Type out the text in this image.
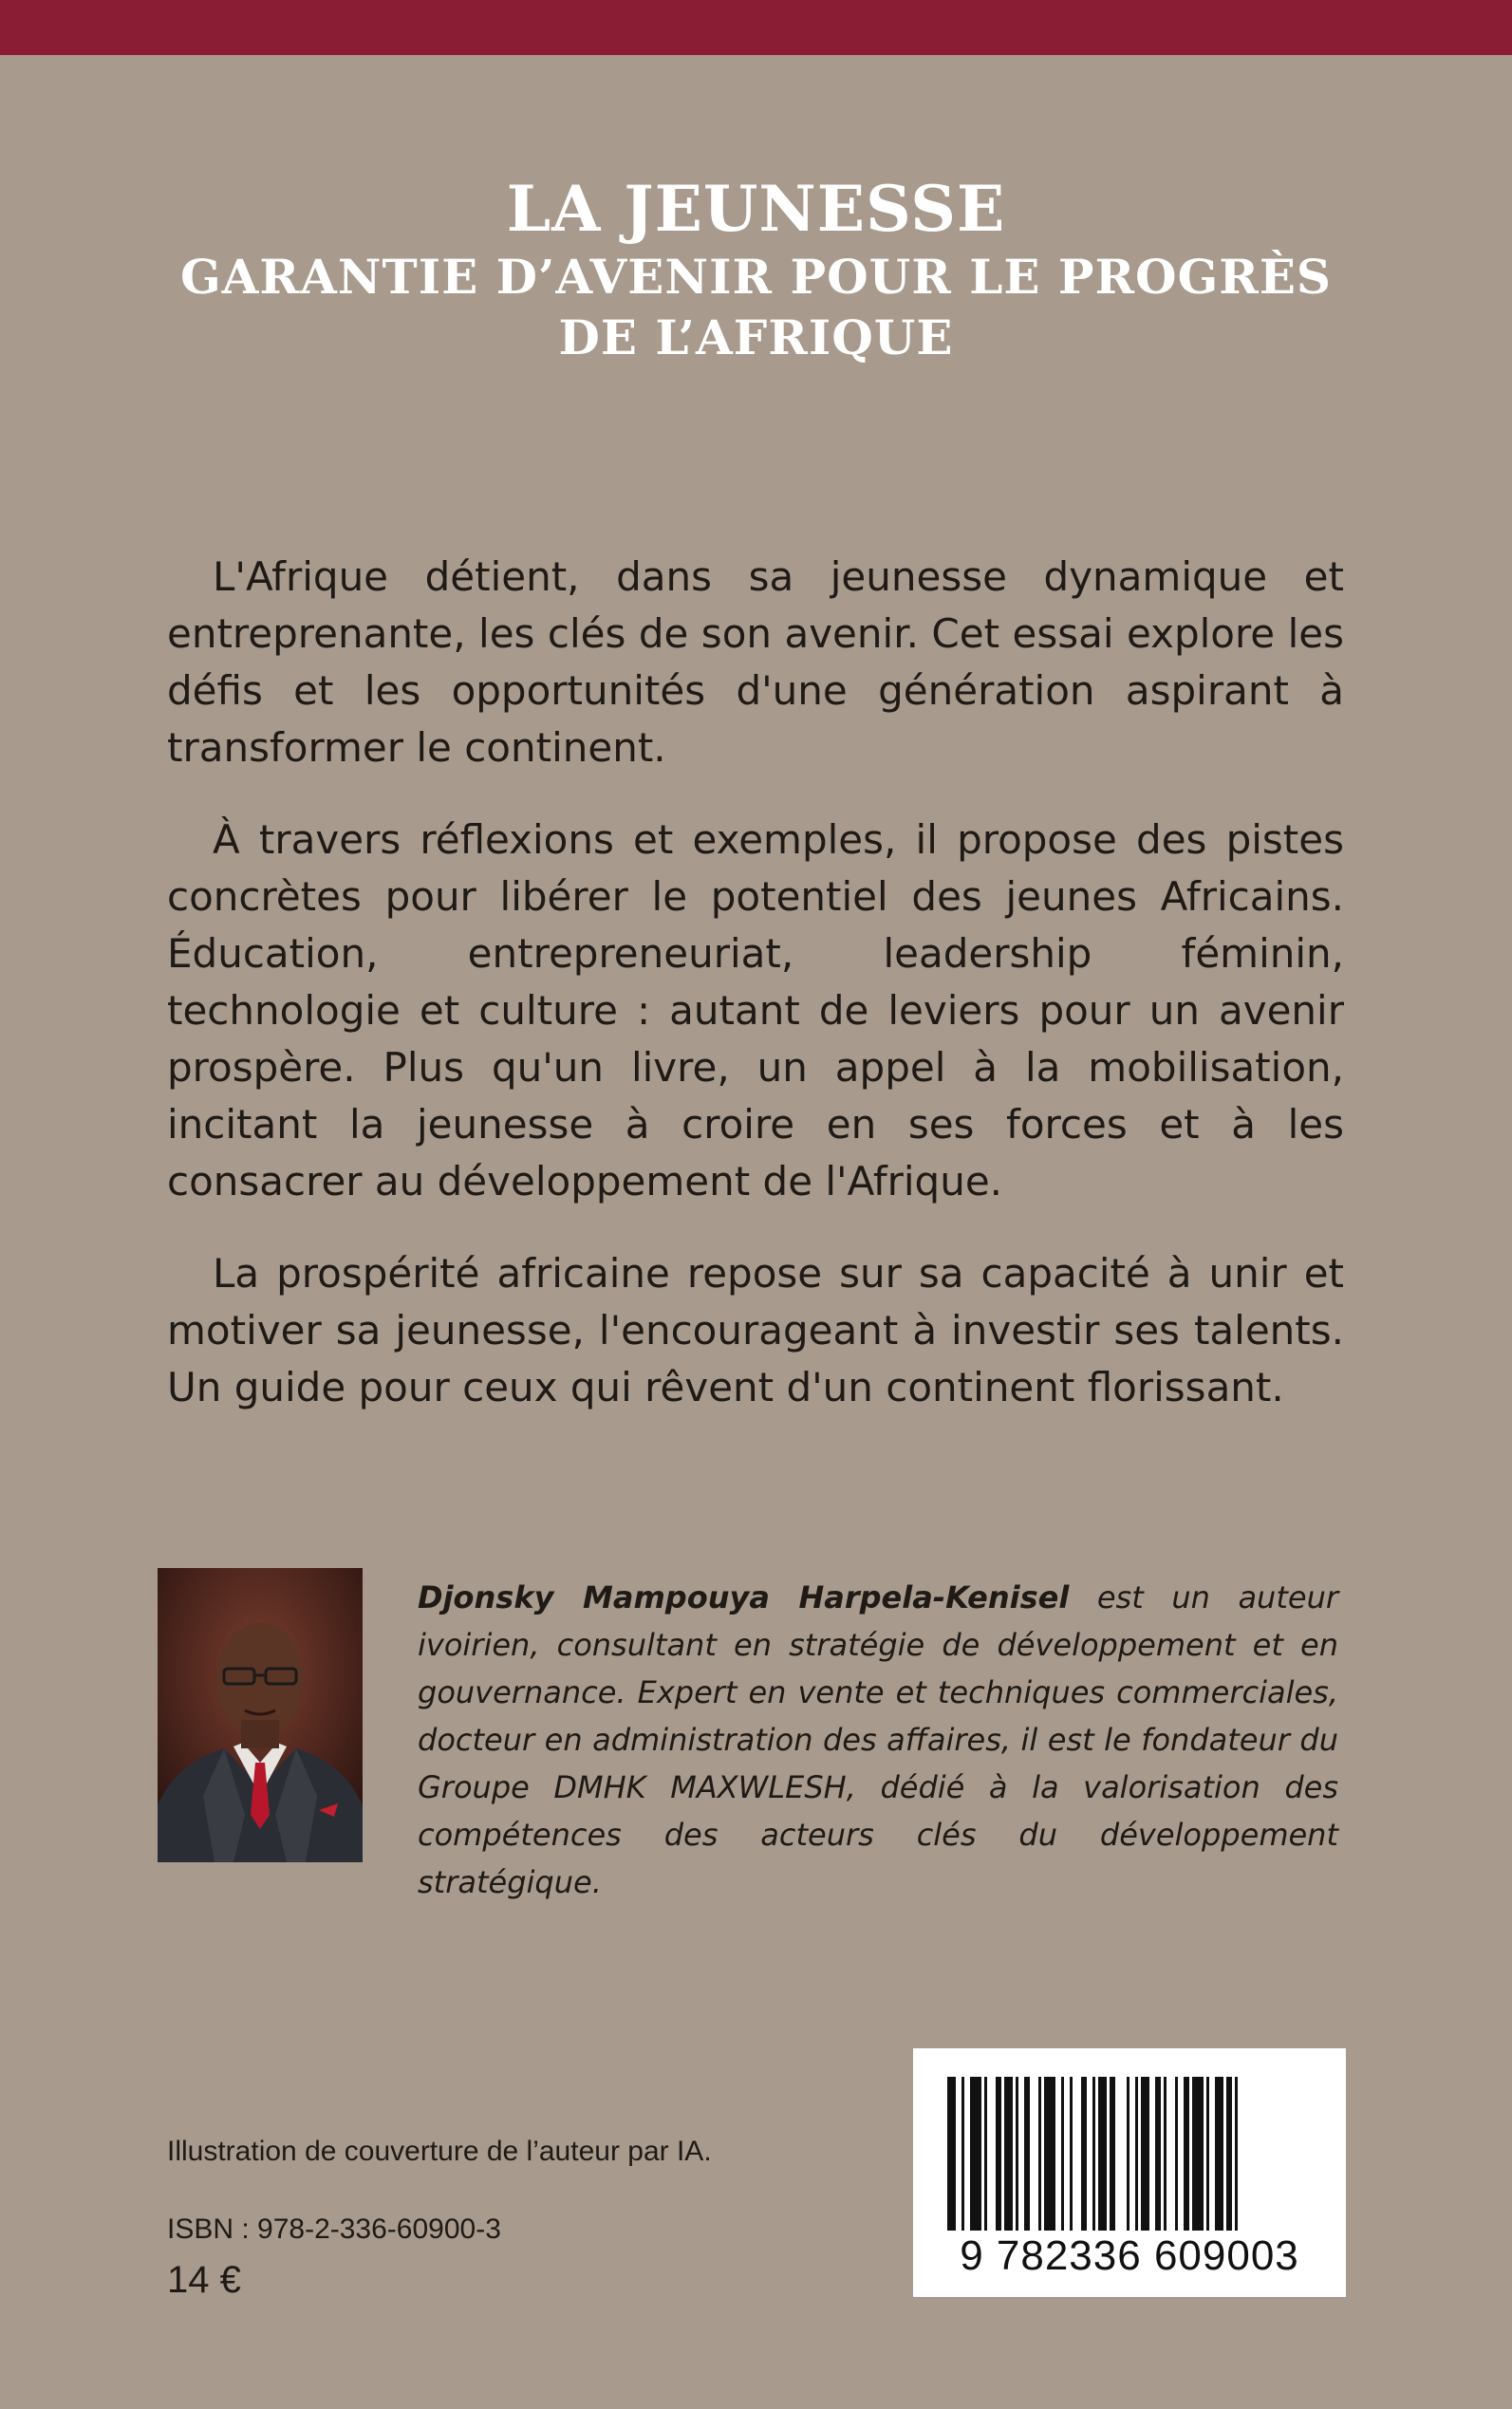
LA JEUNESSE
GARANTIE D’AVENIR POUR LE PROGRÈS
DE L’AFRIQUE

L'Afrique détient, dans sa jeunesse dynamique et entreprenante, les clés de son avenir. Cet essai explore les défis et les opportunités d'une génération aspirant à transformer le continent.

À travers réflexions et exemples, il propose des pistes concrètes pour libérer le potentiel des jeunes Africains. Éducation, entrepreneuriat, leadership féminin, technologie et culture : autant de leviers pour un avenir prospère. Plus qu'un livre, un appel à la mobilisation, incitant la jeunesse à croire en ses forces et à les consacrer au développement de l'Afrique.

La prospérité africaine repose sur sa capacité à unir et motiver sa jeunesse, l'encourageant à investir ses talents. Un guide pour ceux qui rêvent d'un continent florissant.

Djonsky Mampouya Harpela-Kenisel est un auteur ivoirien, consultant en stratégie de développement et en gouvernance. Expert en vente et techniques commerciales, docteur en administration des affaires, il est le fondateur du Groupe DMHK MAXWLESH, dédié à la valorisation des compétences des acteurs clés du développement stratégique.
Illustration de couverture de l’auteur par IA.
ISBN : 978-2-336-60900-3
14 €
9 782336 609003
